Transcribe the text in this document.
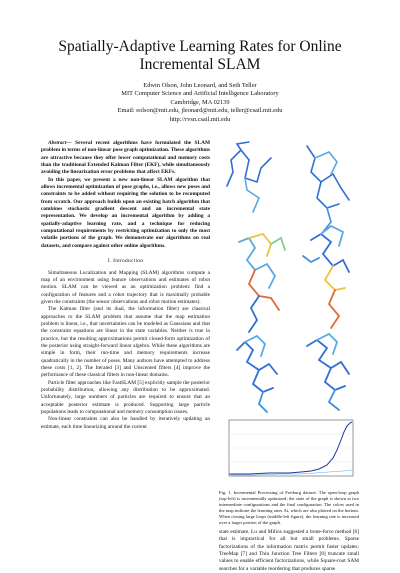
Spatially-Adaptive Learning Rates for Online
Incremental SLAM
Edwin Olson, John Leonard, and Seth Teller
MIT Computer Science and Artificial Intelligence Laboratory
Cambridge, MA 02139
Email: eolson@mit.edu, jleonard@mit.edu, teller@csail.mit.edu
http://rvsn.csail.mit.edu

Abstract— Several recent algorithms have formulated the SLAM problem in terms of non-linear pose graph optimization. These algorithms are attractive because they offer lower computational and memory costs than the traditional Extended Kalman Filter (EKF), while simultaneously avoiding the linearization error problems that affect EKFs.

In this paper, we present a new non-linear SLAM algorithm that allows incremental optimization of pose graphs, i.e., allows new poses and constraints to be added without requiring the solution to be recomputed from scratch. Our approach builds upon an existing batch algorithm that combines stochastic gradient descent and an incremental state representation. We develop an incremental algorithm by adding a spatially-adaptive learning rate, and a technique for reducing computational requirements by restricting optimization to only the most volatile portions of the graph. We demonstrate our algorithms on real datasets, and compare against other online algorithms.

I. Introduction

Simultaneous Localization and Mapping (SLAM) algorithms compute a map of an environment using feature observations and estimates of robot motion. SLAM can be viewed as an optimization problem: find a configuration of features and a robot trajectory that is maximally probable given the constraints (the sensor observations and robot motion estimates).

The Kalman filter (and its dual, the information filter) are classical approaches to the SLAM problem that assume that the map estimation problem is linear, i.e., that uncertainties can be modeled as Gaussians and that the constraint equations are linear in the state variables. Neither is true in practice, but the resulting approximations permit closed-form optimization of the posterior using straight-forward linear algebra. While these algorithms are simple in form, their run-time and memory requirements increase quadratically in the number of poses. Many authors have attempted to address these costs [1, 2]. The Iterated [3] and Unscented filters [4] improve the performance of these classical filters in non-linear domains.

Particle filter approaches like FastSLAM [5] explicitly sample the posterior probability distribution, allowing any distribution to be approximated. Unfortunately, large numbers of particles are required to ensure that an acceptable posterior estimate is produced. Supporting large particle populations leads to computational and memory consumption issues.

Non-linear constraints can also be handled by iteratively updating an estimate, each time linearizing around the current

Fig. 1. Incremental Processing of Freiburg dataset. The open-loop graph (top-left) is incrementally optimized; the state of the graph is shown at two intermediate configurations and the final configuration. The colors used in the map indicate the learning rates Λi, which are also plotted on the bottom. When closing large loops (middle-left figure), the learning rate is increased over a larger portion of the graph.

state estimate. Lu and Milios suggested a brute-force method [6] that is impractical for all but small problems. Sparse factorizations of the information matrix permit faster updates; TreeMap [7] and Thin Junction Tree Filters [8] truncate small values to enable efficient factorizations, while Square-root SAM searches for a variable reordering that produces sparse
